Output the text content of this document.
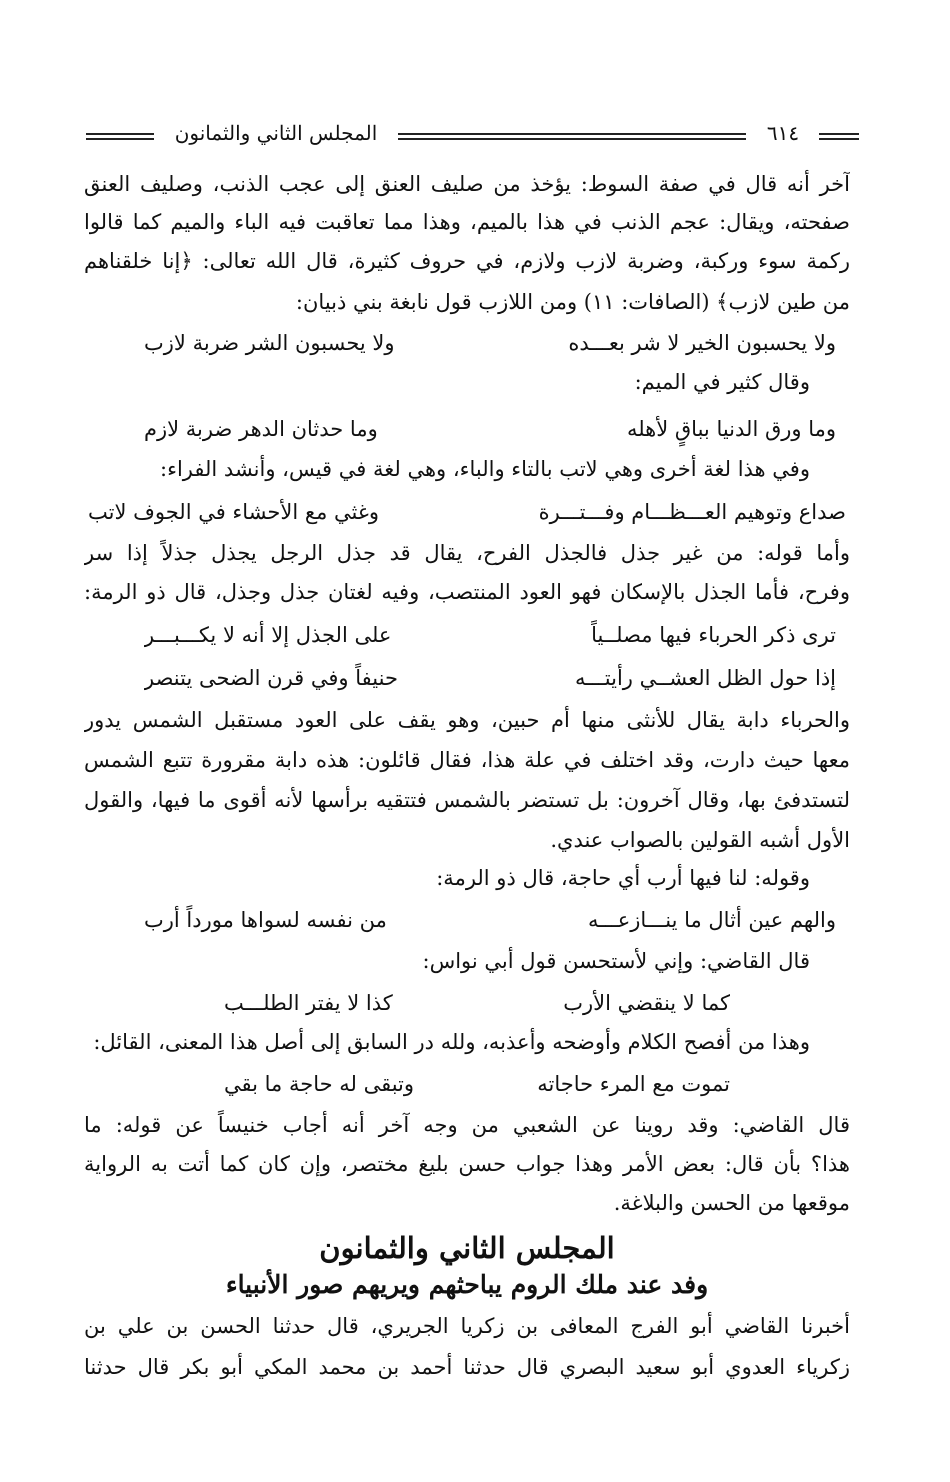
المجلس الثاني والثمانون	٦١٤
آخر أنه قال في صفة السوط: يؤخذ من صليف العنق إلى عجب الذنب، وصليف العنق
صفحته، ويقال: عجم الذنب في هذا بالميم، وهذا مما تعاقبت فيه الباء والميم كما قالوا
ركمة سوء وركبة، وضربة لازب ولازم، في حروف كثيرة، قال الله تعالى: ﴿إنا خلقناهم
من طين لازب﴾ (الصافات: ١١) ومن اللازب قول نابغة بني ذبيان:
ولا يحسبون الخير لا شر بعـــده
ولا يحسبون الشر ضربة لازب
وقال كثير في الميم:
وما ورق الدنيا بباقٍ لأهله
وما حدثان الدهر ضربة لازم
وفي هذا لغة أخرى وهي لاتب بالتاء والباء، وهي لغة في قيس، وأنشد الفراء:
صداع وتوهيم العـــظـــام وفـــتـــرة
وغثي مع الأحشاء في الجوف لاتب
وأما قوله: من غير جذل فالجذل الفرح، يقال قد جذل الرجل يجذل جذلاً إذا سر
وفرح، فأما الجذل بالإسكان فهو العود المنتصب، وفيه لغتان جذل وجذل، قال ذو الرمة:
ترى ذكر الحرباء فيها مصلــياً
على الجذل إلا أنه لا يكـــبـــر
إذا حول الظل العشــي رأيتـــه
حنيفاً وفي قرن الضحى يتنصر
والحرباء دابة يقال للأنثى منها أم حبين، وهو يقف على العود مستقبل الشمس يدور
معها حيث دارت، وقد اختلف في علة هذا، فقال قائلون: هذه دابة مقرورة تتبع الشمس
لتستدفئ بها، وقال آخرون: بل تستضر بالشمس فتتقيه برأسها لأنه أقوى ما فيها، والقول
الأول أشبه القولين بالصواب عندي.
وقوله: لنا فيها أرب أي حاجة، قال ذو الرمة:
والهم عين أثال ما ينـــازعـــه
من نفسه لسواها مورداً أرب
قال القاضي: وإني لأستحسن قول أبي نواس:
كما لا ينقضي الأرب
كذا لا يفتر الطلـــب
وهذا من أفصح الكلام وأوضحه وأعذبه، ولله در السابق إلى أصل هذا المعنى، القائل:
تموت مع المرء حاجاته
وتبقى له حاجة ما بقي
قال القاضي: وقد روينا عن الشعبي من وجه آخر أنه أجاب خنيساً عن قوله: ما
هذا؟ بأن قال: بعض الأمر وهذا جواب حسن بليغ مختصر، وإن كان كما أتت به الرواية
موقعها من الحسن والبلاغة.
المجلس الثاني والثمانون
وفد عند ملك الروم يباحثهم ويريهم صور الأنبياء
أخبرنا القاضي أبو الفرج المعافى بن زكريا الجريري، قال حدثنا الحسن بن علي بن
زكرياء العدوي أبو سعيد البصري قال حدثنا أحمد بن محمد المكي أبو بكر قال حدثنا
